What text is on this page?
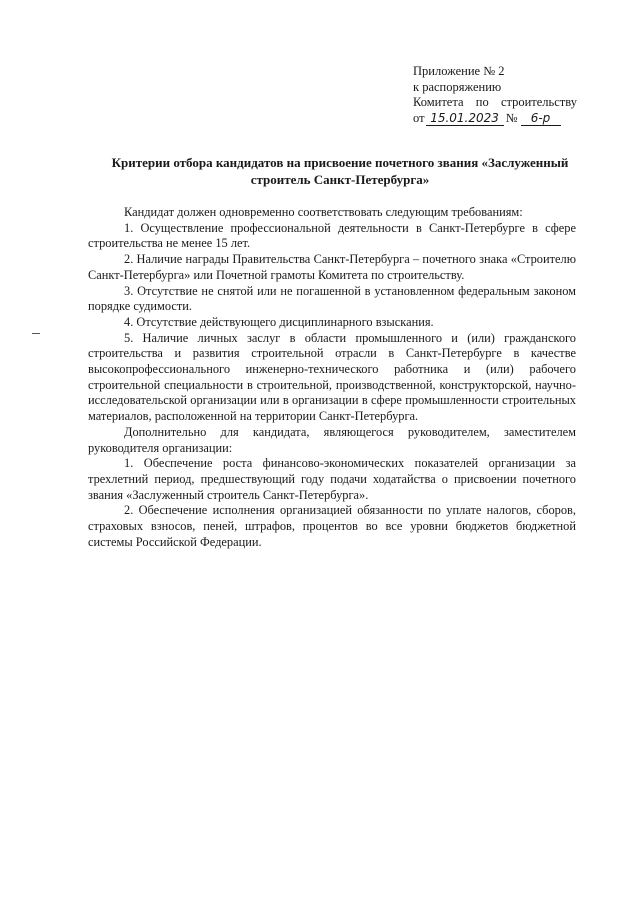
Приложение № 2
к распоряжению
Комитета по строительству
от 15.01.2023 №	6-р
Критерии отбора кандидатов на присвоение почетного звания «Заслуженный
строитель Санкт-Петербурга»

Кандидат должен одновременно соответствовать следующим требованиям:

1. Осуществление профессиональной деятельности в Санкт-Петербурге в сфере строительства не менее 15 лет.

2. Наличие награды Правительства Санкт-Петербурга – почетного знака «Строителю Санкт-Петербурга» или Почетной грамоты Комитета по строительству.

3. Отсутствие не снятой или не погашенной в установленном федеральным законом порядке судимости.

4. Отсутствие действующего дисциплинарного взыскания.

5. Наличие личных заслуг в области промышленного и (или) гражданского строительства и развития строительной отрасли в Санкт-Петербурге в качестве высокопрофессионального инженерно-технического работника и (или) рабочего строительной специальности в строительной, производственной, конструкторской, научно-исследовательской организации или в организации в сфере промышленности строительных материалов, расположенной на территории Санкт-Петербурга.

Дополнительно для кандидата, являющегося руководителем, заместителем руководителя организации:

1. Обеспечение роста финансово-экономических показателей организации за трехлетний период, предшествующий году подачи ходатайства о присвоении почетного звания «Заслуженный строитель Санкт-Петербурга».

2. Обеспечение исполнения организацией обязанности по уплате налогов, сборов, страховых взносов, пеней, штрафов, процентов во все уровни бюджетов бюджетной системы Российской Федерации.
